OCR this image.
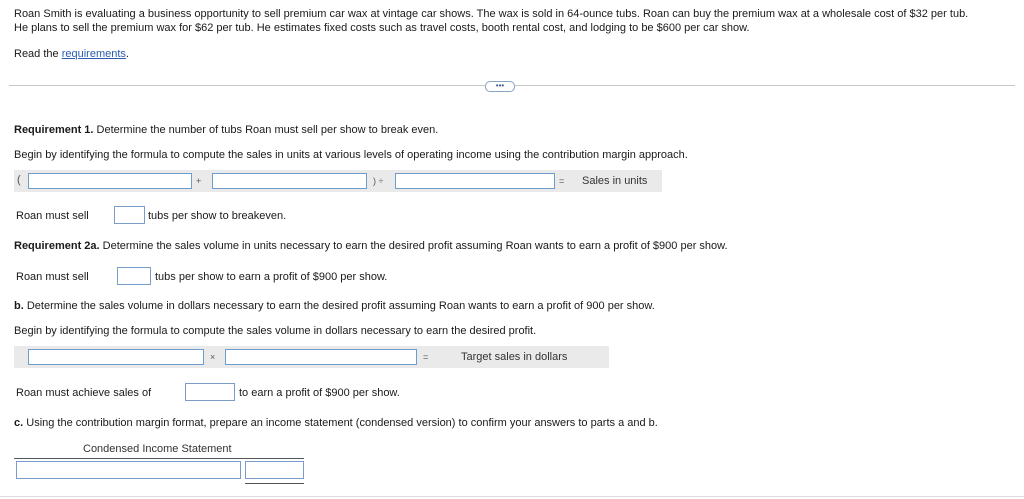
Roan Smith is evaluating a business opportunity to sell premium car wax at vintage car shows. The wax is sold in 64-ounce tubs. Roan can buy the premium wax at a wholesale cost of $32 per tub.

He plans to sell the premium wax for $62 per tub. He estimates fixed costs such as travel costs, booth rental cost, and lodging to be $600 per car show.

Read the requirements.

•••

Requirement 1. Determine the number of tubs Roan must sell per show to break even.

Begin by identifying the formula to compute the sales in units at various levels of operating income using the contribution margin approach.

(	+	) ÷	= Sales in units
Roan must sell	tubs per show to breakeven.

Requirement 2a. Determine the sales volume in units necessary to earn the desired profit assuming Roan wants to earn a profit of $900 per show.

Roan must sell	tubs per show to earn a profit of $900 per show.

b. Determine the sales volume in dollars necessary to earn the desired profit assuming Roan wants to earn a profit of 900 per show.

Begin by identifying the formula to compute the sales volume in dollars necessary to earn the desired profit.

×	=	Target sales in dollars
Roan must achieve sales of	to earn a profit of $900 per show.

c. Using the contribution margin format, prepare an income statement (condensed version) to confirm your answers to parts a and b.

Condensed Income Statement
